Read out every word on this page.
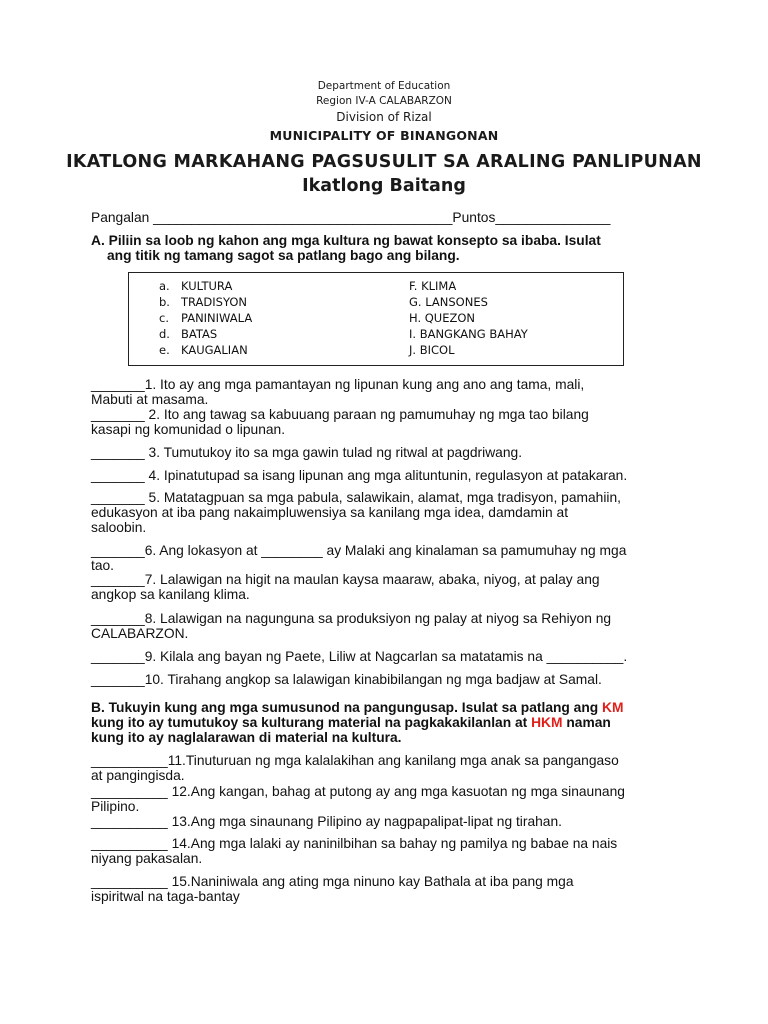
Department of Education
Region IV-A CALABARZON
Division of Rizal
MUNICIPALITY OF BINANGONAN
IKATLONG MARKAHANG PAGSUSULIT SA ARALING PANLIPUNAN
Ikatlong Baitang
Pangalan _______________________________________Puntos_______________
A. Piliin sa loob ng kahon ang mga kultura ng bawat konsepto sa ibaba. Isulat
ang titik ng tamang sagot sa patlang bago ang bilang.
a. KULTURA
b. TRADISYON
c. PANINIWALA
d. BATAS
e. KAUGALIAN
F. KLIMA
G. LANSONES
H. QUEZON
I. BANGKANG BAHAY
J. BICOL
_______1. Ito ay ang mga pamantayan ng lipunan kung ang ano ang tama, mali,
Mabuti at masama.
_______ 2. Ito ang tawag sa kabuuang paraan ng pamumuhay ng mga tao bilang
kasapi ng komunidad o lipunan.
_______ 3. Tumutukoy ito sa mga gawin tulad ng ritwal at pagdriwang.
_______ 4. Ipinatutupad sa isang lipunan ang mga alituntunin, regulasyon at patakaran.
_______ 5. Matatagpuan sa mga pabula, salawikain, alamat, mga tradisyon, pamahiin,
edukasyon at iba pang nakaimpluwensiya sa kanilang mga idea, damdamin at
saloobin.
_______6. Ang lokasyon at ________ ay Malaki ang kinalaman sa pamumuhay ng mga
tao.
_______7. Lalawigan na higit na maulan kaysa maaraw, abaka, niyog, at palay ang
angkop sa kanilang klima.
_______8. Lalawigan na nagunguna sa produksiyon ng palay at niyog sa Rehiyon ng
CALABARZON.
_______9. Kilala ang bayan ng Paete, Liliw at Nagcarlan sa matatamis na __________.
_______10. Tirahang angkop sa lalawigan kinabibilangan ng mga badjaw at Samal.
B. Tukuyin kung ang mga sumusunod na pangungusap. Isulat sa patlang ang KM
kung ito ay tumutukoy sa kulturang material na pagkakakilanlan at HKM naman
kung ito ay naglalarawan di material na kultura.
__________11.Tinuturuan ng mga kalalakihan ang kanilang mga anak sa pangangaso
at pangingisda.
__________ 12.Ang kangan, bahag at putong ay ang mga kasuotan ng mga sinaunang
Pilipino.
__________ 13.Ang mga sinaunang Pilipino ay nagpapalipat-lipat ng tirahan.
__________ 14.Ang mga lalaki ay naninilbihan sa bahay ng pamilya ng babae na nais
niyang pakasalan.
__________ 15.Naniniwala ang ating mga ninuno kay Bathala at iba pang mga
ispiritwal na taga-bantay
